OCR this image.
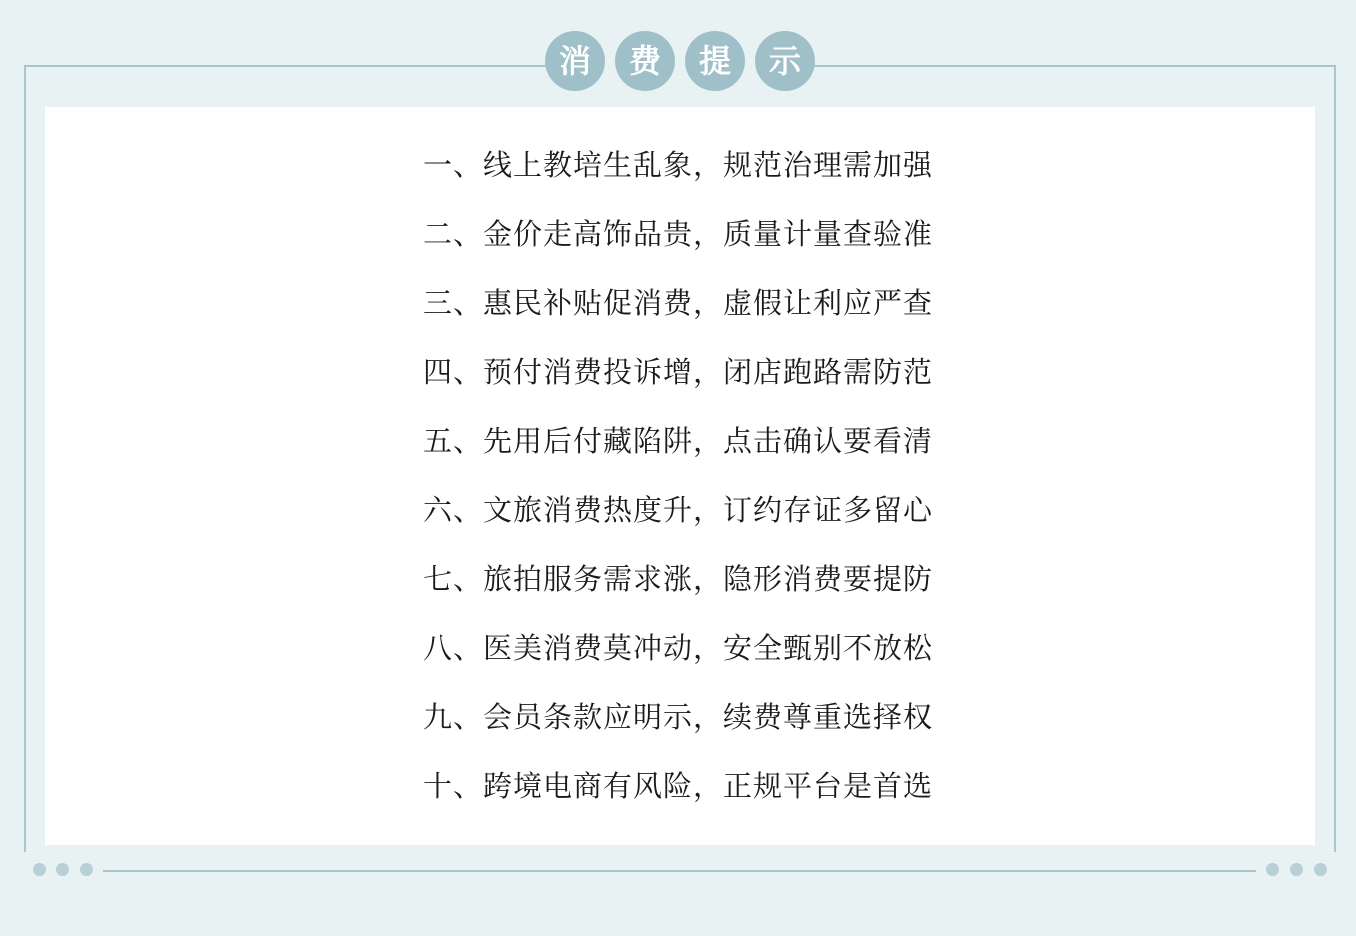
消	费	提	示
一、线上教培生乱象，规范治理需加强
二、金价走高饰品贵，质量计量查验准
三、惠民补贴促消费，虚假让利应严查
四、预付消费投诉增，闭店跑路需防范
五、先用后付藏陷阱，点击确认要看清
六、文旅消费热度升，订约存证多留心
七、旅拍服务需求涨，隐形消费要提防
八、医美消费莫冲动，安全甄别不放松
九、会员条款应明示，续费尊重选择权
十、跨境电商有风险，正规平台是首选
